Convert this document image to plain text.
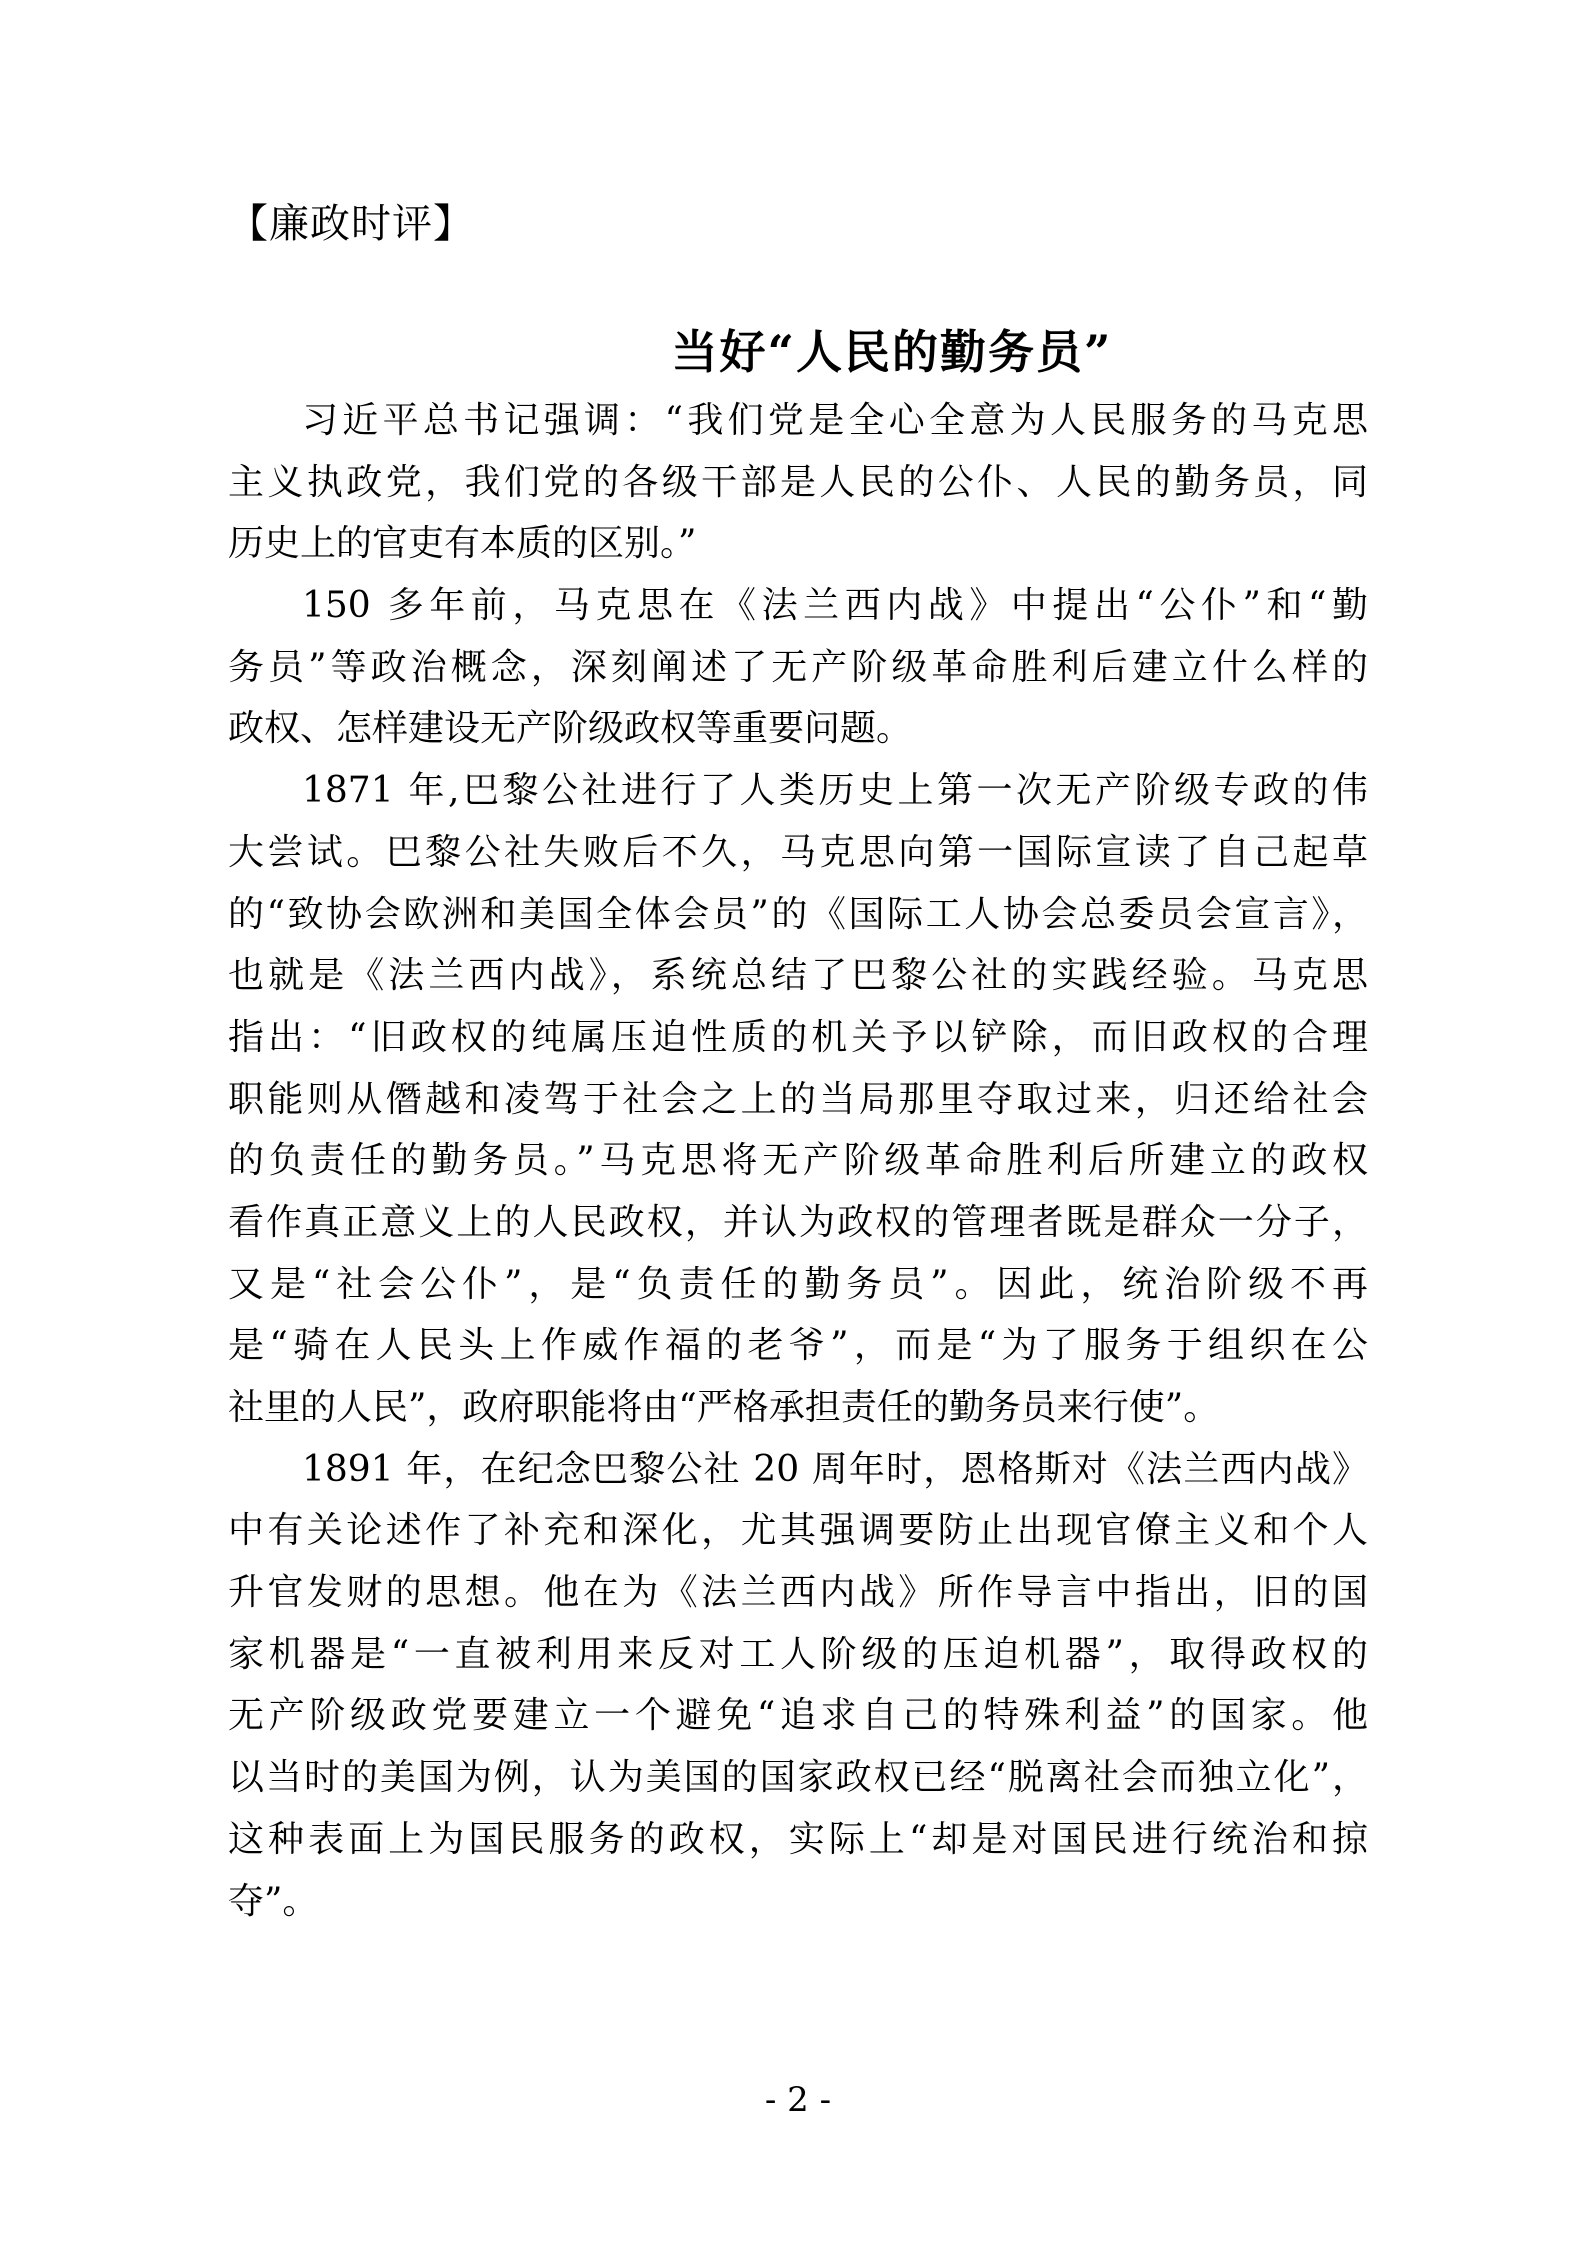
【廉政时评】
当好“人民的勤务员”
习近平总书记强调：“我们党是全心全意为人民服务的马克思
主义执政党，我们党的各级干部是人民的公仆、人民的勤务员，同
历史上的官吏有本质的区别。”
150 多年前，马克思在《法兰西内战》中提出“公仆”和“勤
务员”等政治概念，深刻阐述了无产阶级革命胜利后建立什么样的
政权、怎样建设无产阶级政权等重要问题。
1871 年,巴黎公社进行了人类历史上第一次无产阶级专政的伟
大尝试。巴黎公社失败后不久，马克思向第一国际宣读了自己起草
的“致协会欧洲和美国全体会员”的《国际工人协会总委员会宣言》，
也就是《法兰西内战》，系统总结了巴黎公社的实践经验。马克思
指出：“旧政权的纯属压迫性质的机关予以铲除，而旧政权的合理
职能则从僭越和凌驾于社会之上的当局那里夺取过来，归还给社会
的负责任的勤务员。”马克思将无产阶级革命胜利后所建立的政权
看作真正意义上的人民政权，并认为政权的管理者既是群众一分子，
又是“社会公仆”，是“负责任的勤务员”。因此，统治阶级不再
是“骑在人民头上作威作福的老爷”，而是“为了服务于组织在公
社里的人民”，政府职能将由“严格承担责任的勤务员来行使”。
1891 年，在纪念巴黎公社 20 周年时，恩格斯对《法兰西内战》
中有关论述作了补充和深化，尤其强调要防止出现官僚主义和个人
升官发财的思想。他在为《法兰西内战》所作导言中指出，旧的国
家机器是“一直被利用来反对工人阶级的压迫机器”，取得政权的
无产阶级政党要建立一个避免“追求自己的特殊利益”的国家。他
以当时的美国为例，认为美国的国家政权已经“脱离社会而独立化”，
这种表面上为国民服务的政权，实际上“却是对国民进行统治和掠
夺”。
- 2 -
